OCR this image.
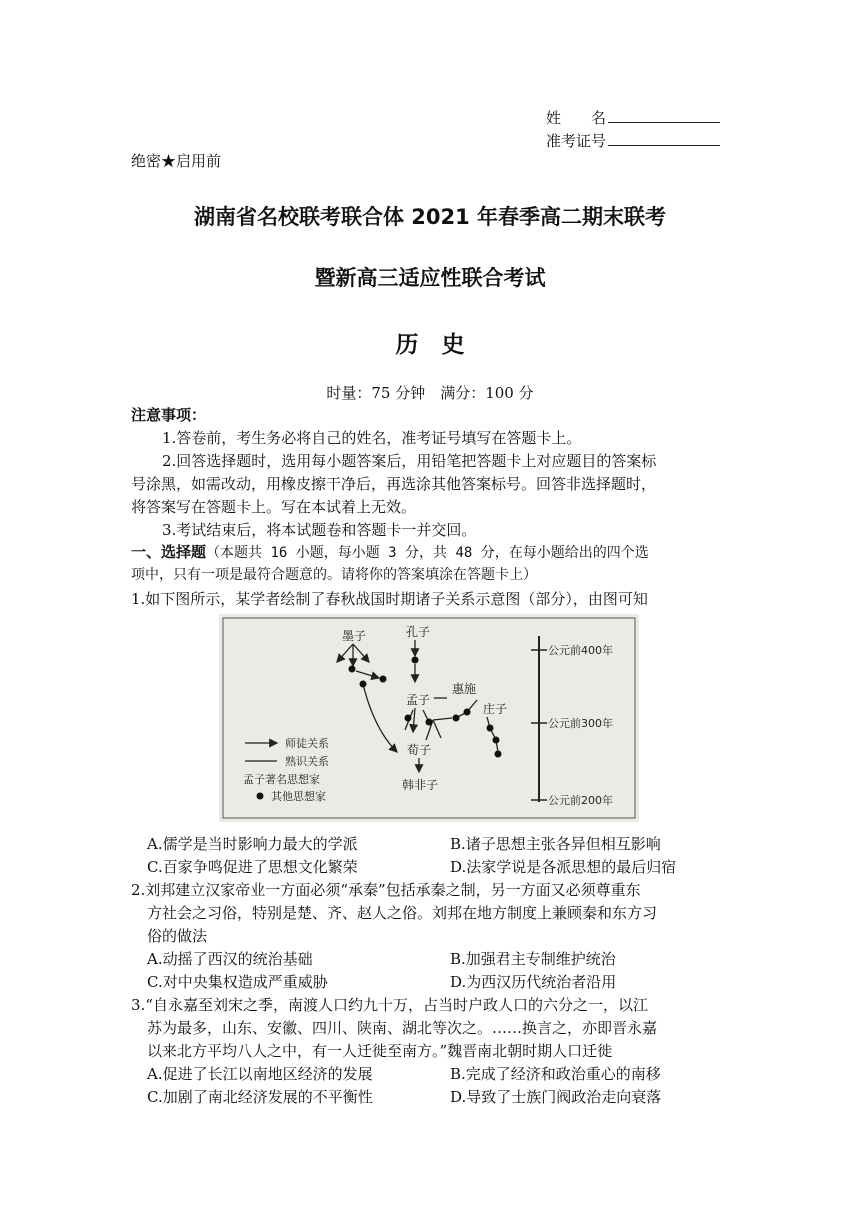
姓　　名
准考证号
绝密★启用前
湖南省名校联考联合体 2021 年春季高二期末联考
暨新高三适应性联合考试
历　史
时量：75 分钟　满分：100 分
注意事项：
1.答卷前，考生务必将自己的姓名，准考证号填写在答题卡上。
2.回答选择题时，选用每小题答案后，用铅笔把答题卡上对应题目的答案标
号涂黑，如需改动，用橡皮擦干净后，再选涂其他答案标号。回答非选择题时，
将答案写在答题卡上。写在本试着上无效。
3.考试结束后，将本试题卷和答题卡一并交回。
一、选择题（本题共 16 小题，每小题 3 分，共 48 分，在每小题给出的四个选
项中，只有一项是最符合题意的。请将你的答案填涂在答题卡上）
1.如下图所示，某学者绘制了春秋战国时期诸子关系示意图（部分），由图可知
公元前400年
公元前300年
公元前200年
墨子	孔子
孟子
惠施
庄子
荀子
韩非子
师徒关系
熟识关系
孟子著名思想家
其他思想家
A.儒学是当时影响力最大的学派	B.诸子思想主张各异但相互影响
C.百家争鸣促进了思想文化繁荣	D.法家学说是各派思想的最后归宿
2.刘邦建立汉家帝业一方面必须“承秦”包括承秦之制，另一方面又必须尊重东
方社会之习俗，特别是楚、齐、赵人之俗。刘邦在地方制度上兼顾秦和东方习
俗的做法
A.动摇了西汉的统治基础	B.加强君主专制维护统治
C.对中央集权造成严重威胁	D.为西汉历代统治者沿用
3.“自永嘉至刘宋之季，南渡人口约九十万，占当时户政人口的六分之一，以江
苏为最多，山东、安徽、四川、陕南、湖北等次之。……换言之，亦即晋永嘉
以来北方平均八人之中，有一人迁徙至南方。”魏晋南北朝时期人口迁徙
A.促进了长江以南地区经济的发展	B.完成了经济和政治重心的南移
C.加剧了南北经济发展的不平衡性	D.导致了士族门阀政治走向衰落
